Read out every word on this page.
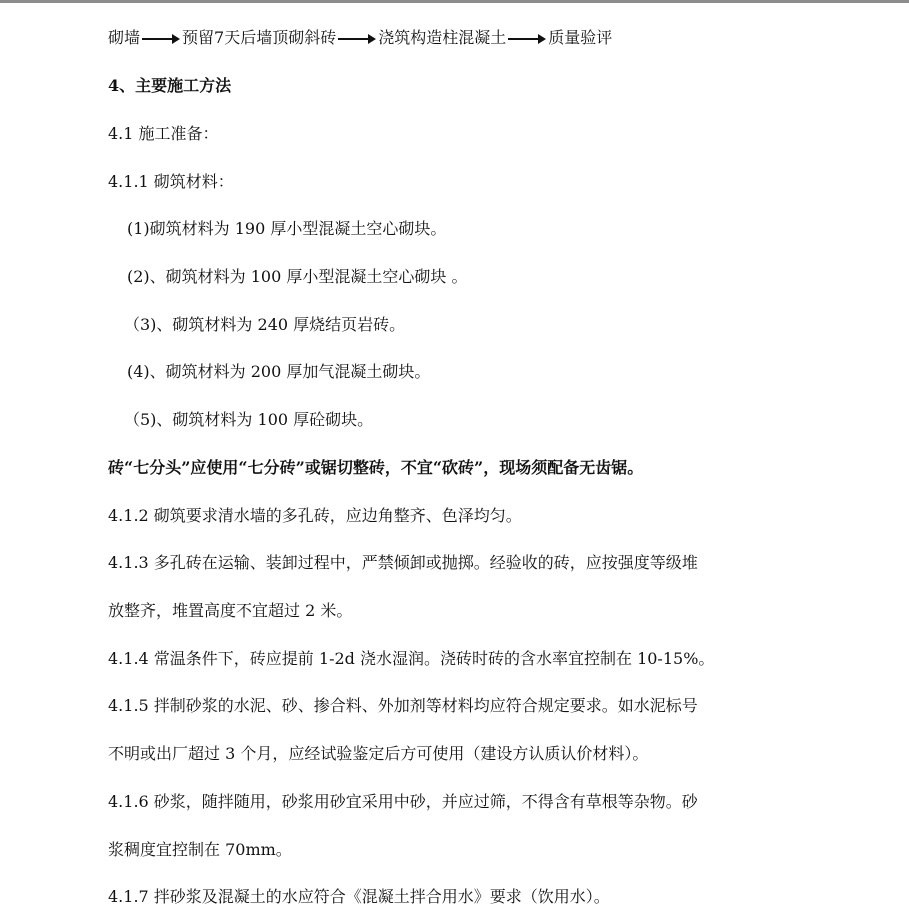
砌墙	预留7天后墙顶砌斜砖	浇筑构造柱混凝土	质量验评
4、主要施工方法
4.1 施工准备：
4.1.1 砌筑材料：
(1)砌筑材料为 190 厚小型混凝土空心砌块。
(2)、砌筑材料为 100 厚小型混凝土空心砌块 。
（3)、砌筑材料为 240 厚烧结页岩砖。
(4)、砌筑材料为 200 厚加气混凝土砌块。
（5)、砌筑材料为 100 厚砼砌块。
砖“七分头”应使用“七分砖”或锯切整砖，不宜“砍砖”，现场须配备无齿锯。
4.1.2 砌筑要求清水墙的多孔砖，应边角整齐、色泽均匀。
4.1.3 多孔砖在运输、装卸过程中，严禁倾卸或抛掷。经验收的砖，应按强度等级堆
放整齐，堆置高度不宜超过 2 米。
4.1.4 常温条件下，砖应提前 1-2d 浇水湿润。浇砖时砖的含水率宜控制在 10-15%。
4.1.5 拌制砂浆的水泥、砂、掺合料、外加剂等材料均应符合规定要求。如水泥标号
不明或出厂超过 3 个月，应经试验鉴定后方可使用（建设方认质认价材料）。
4.1.6 砂浆，随拌随用，砂浆用砂宜采用中砂，并应过筛，不得含有草根等杂物。砂
浆稠度宜控制在 70mm。
4.1.7 拌砂浆及混凝土的水应符合《混凝土拌合用水》要求（饮用水）。
